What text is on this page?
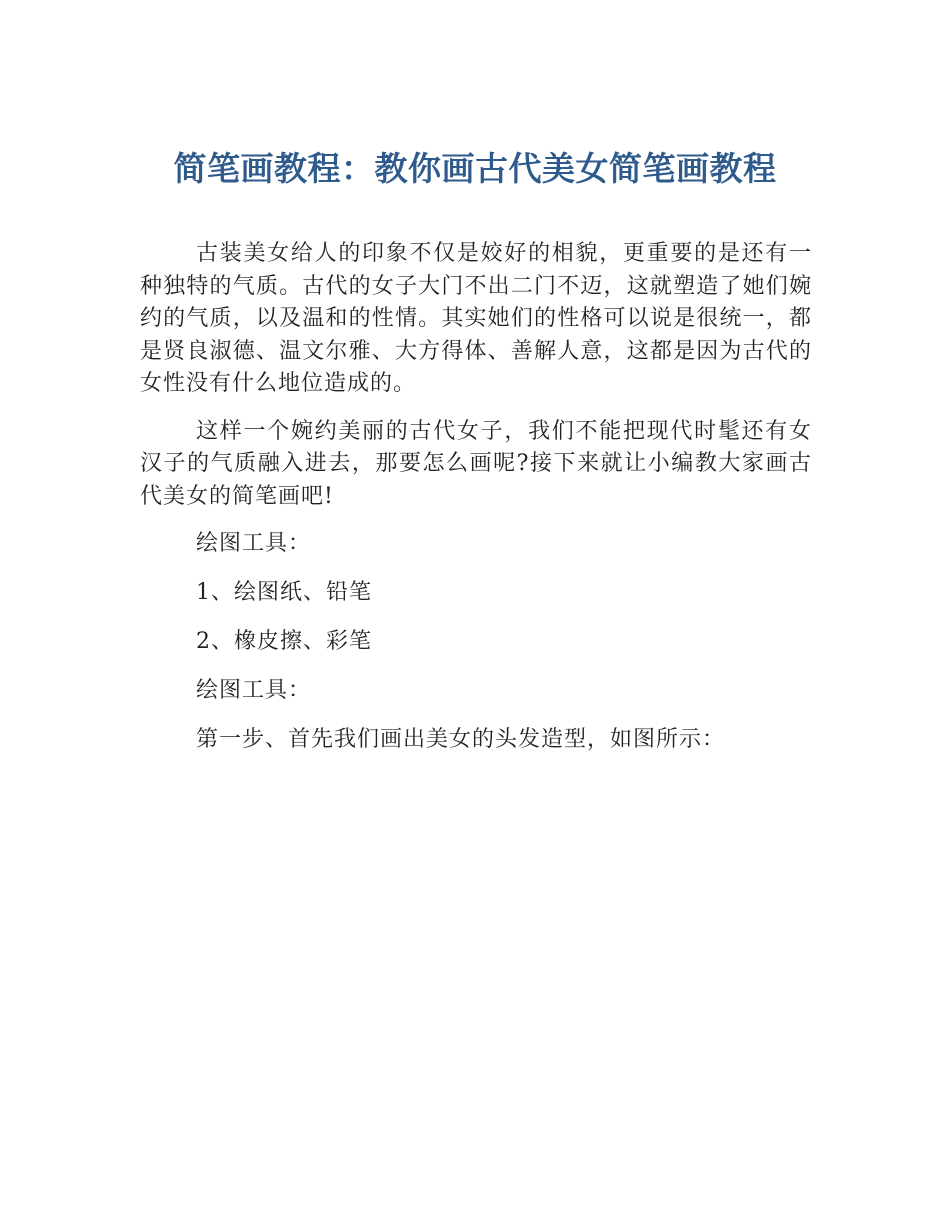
简笔画教程：教你画古代美女简笔画教程

古装美女给人的印象不仅是姣好的相貌，更重要的是还有一种独特的气质。古代的女子大门不出二门不迈，这就塑造了她们婉约的气质，以及温和的性情。其实她们的性格可以说是很统一，都是贤良淑德、温文尔雅、大方得体、善解人意，这都是因为古代的女性没有什么地位造成的。

这样一个婉约美丽的古代女子，我们不能把现代时髦还有女汉子的气质融入进去，那要怎么画呢?接下来就让小编教大家画古代美女的简笔画吧!

绘图工具：

1、绘图纸、铅笔

2、橡皮擦、彩笔

绘图工具：

第一步、首先我们画出美女的头发造型，如图所示：
